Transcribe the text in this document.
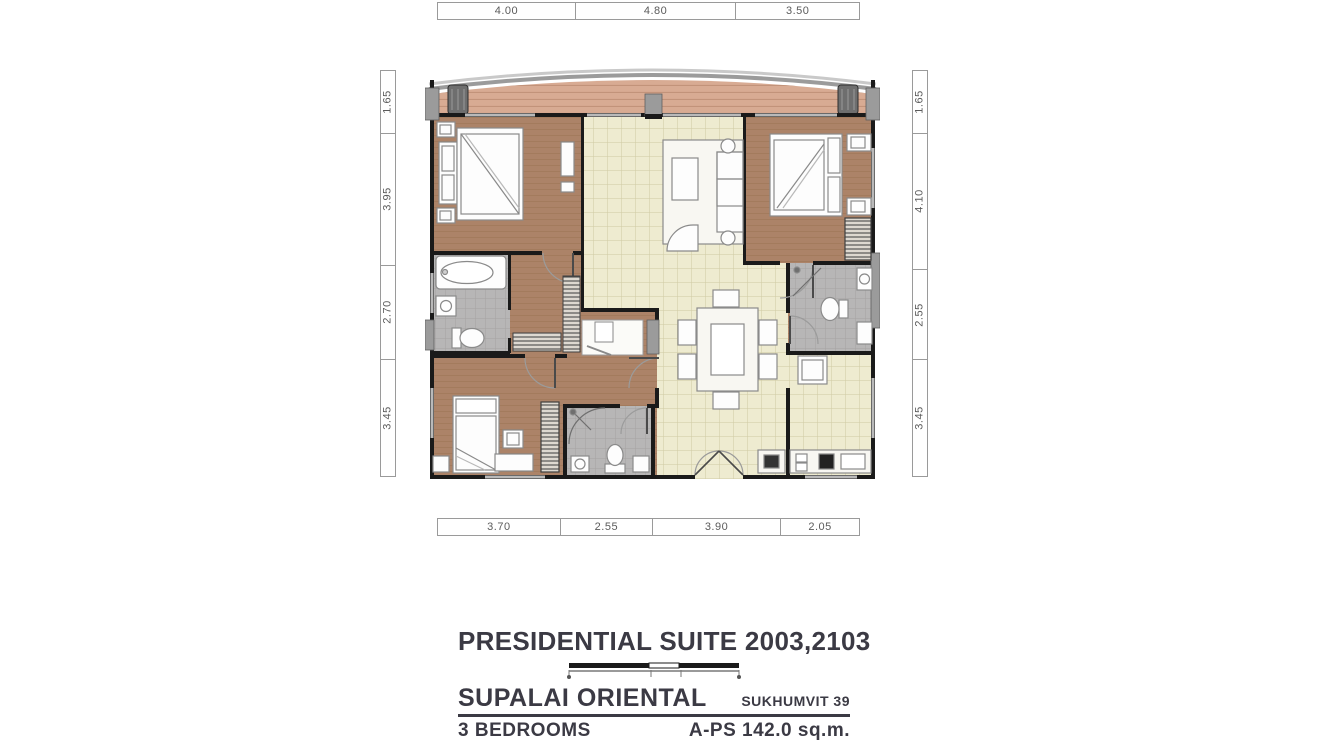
4.00	4.80	3.50
3.70	2.55	3.90	2.05
1.65
3.95
2.70
3.45
1.65
4.10
2.55
3.45
PRESIDENTIAL SUITE 2003,2103
SUPALAI ORIENTAL SUKHUMVIT 39
3 BEDROOMS	A-PS 142.0 sq.m.
